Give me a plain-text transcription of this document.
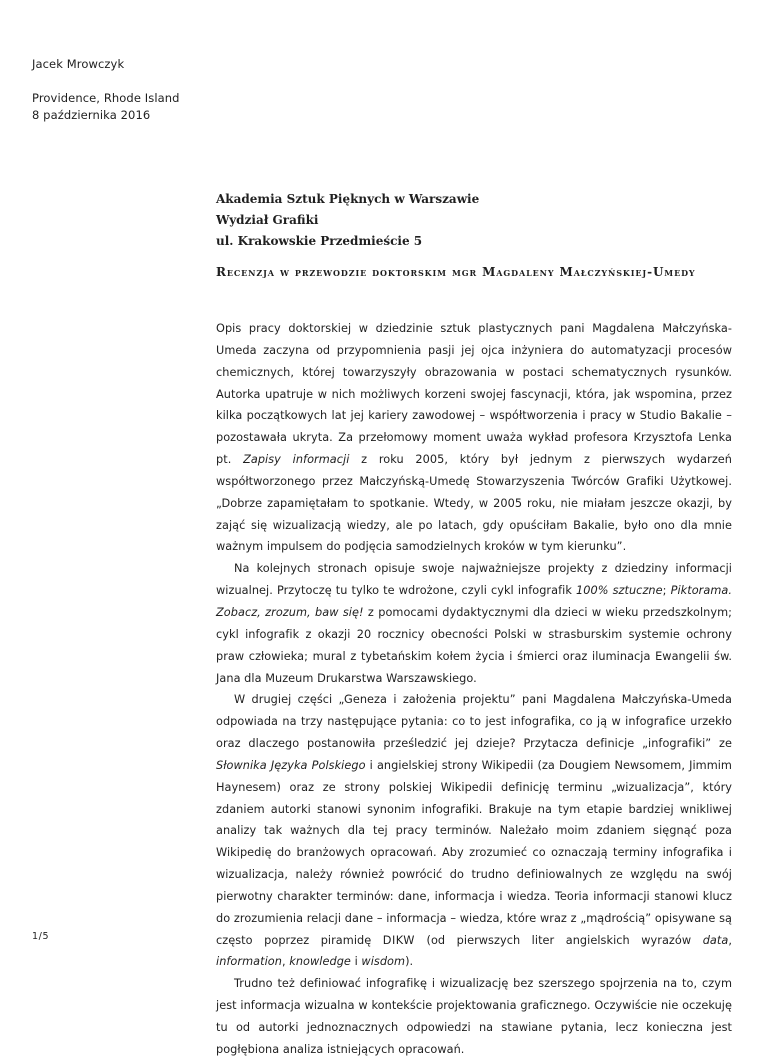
Jacek Mrowczyk
Providence, Rhode Island
8 października 2016
Akademia Sztuk Pięknych w Warszawie
Wydział Grafiki
ul. Krakowskie Przedmieście 5
Recenzja w przewodzie doktorskim mgr Magdaleny Małczyńskiej-Umedy

Opis pracy doktorskiej w dziedzinie sztuk plastycznych pani Magdalena Małczyńska-Umeda zaczyna od przypomnienia pasji jej ojca inżyniera do automatyzacji procesów chemicznych, której towarzyszyły obrazowania w postaci schematycznych rysunków. Autorka upatruje w nich możliwych korzeni swojej fascynacji, która, jak wspomina, przez kilka początkowych lat jej kariery zawodowej – współtworzenia i pracy w Studio Bakalie – pozostawała ukryta. Za przełomowy moment uważa wykład profesora Krzysztofa Lenka pt. Zapisy informacji z roku 2005, który był jednym z pierwszych wydarzeń współtworzonego przez Małczyńską-Umedę Stowarzyszenia Twórców Grafiki Użytkowej. „Dobrze zapamiętałam to spotkanie. Wtedy, w 2005 roku, nie miałam jeszcze okazji, by zająć się wizualizacją wiedzy, ale po latach, gdy opuściłam Bakalie, było ono dla mnie ważnym impulsem do podjęcia samodzielnych kroków w tym kierunku”.

Na kolejnych stronach opisuje swoje najważniejsze projekty z dziedziny informacji wizualnej. Przytoczę tu tylko te wdrożone, czyli cykl infografik 100% sztuczne; Piktorama. Zobacz, zrozum, baw się! z pomocami dydaktycznymi dla dzieci w wieku przedszkolnym; cykl infografik z okazji 20 rocznicy obecności Polski w strasburskim systemie ochrony praw człowieka; mural z tybetańskim kołem życia i śmierci oraz iluminacja Ewangelii św. Jana dla Muzeum Drukarstwa Warszawskiego.

W drugiej części „Geneza i założenia projektu” pani Magdalena Małczyńska-Umeda odpowiada na trzy następujące pytania: co to jest infografika, co ją w infografice urzekło oraz dlaczego postanowiła prześledzić jej dzieje? Przytacza definicje „infografiki” ze Słownika Języka Polskiego i angielskiej strony Wikipedii (za Dougiem Newsomem, Jimmim Haynesem) oraz ze strony polskiej Wikipedii definicję terminu „wizualizacja”, który zdaniem autorki stanowi synonim infografiki. Brakuje na tym etapie bardziej wnikliwej analizy tak ważnych dla tej pracy terminów. Należało moim zdaniem sięgnąć poza Wikipedię do branżowych opracowań. Aby zrozumieć co oznaczają terminy infografika i wizualizacja, należy również powrócić do trudno definiowalnych ze względu na swój pierwotny charakter terminów: dane, informacja i wiedza. Teoria informacji stanowi klucz do zrozumienia relacji dane – informacja – wiedza, które wraz z „mądrością” opisywane są często poprzez piramidę DIKW (od pierwszych liter angielskich wyrazów data, information, knowledge i wisdom).

Trudno też definiować infografikę i wizualizację bez szerszego spojrzenia na to, czym jest informacja wizualna w kontekście projektowania graficznego. Oczywiście nie oczekuję tu od autorki jednoznacznych odpowiedzi na stawiane pytania, lecz konieczna jest pogłębiona analiza istniejących opracowań.

1/5
